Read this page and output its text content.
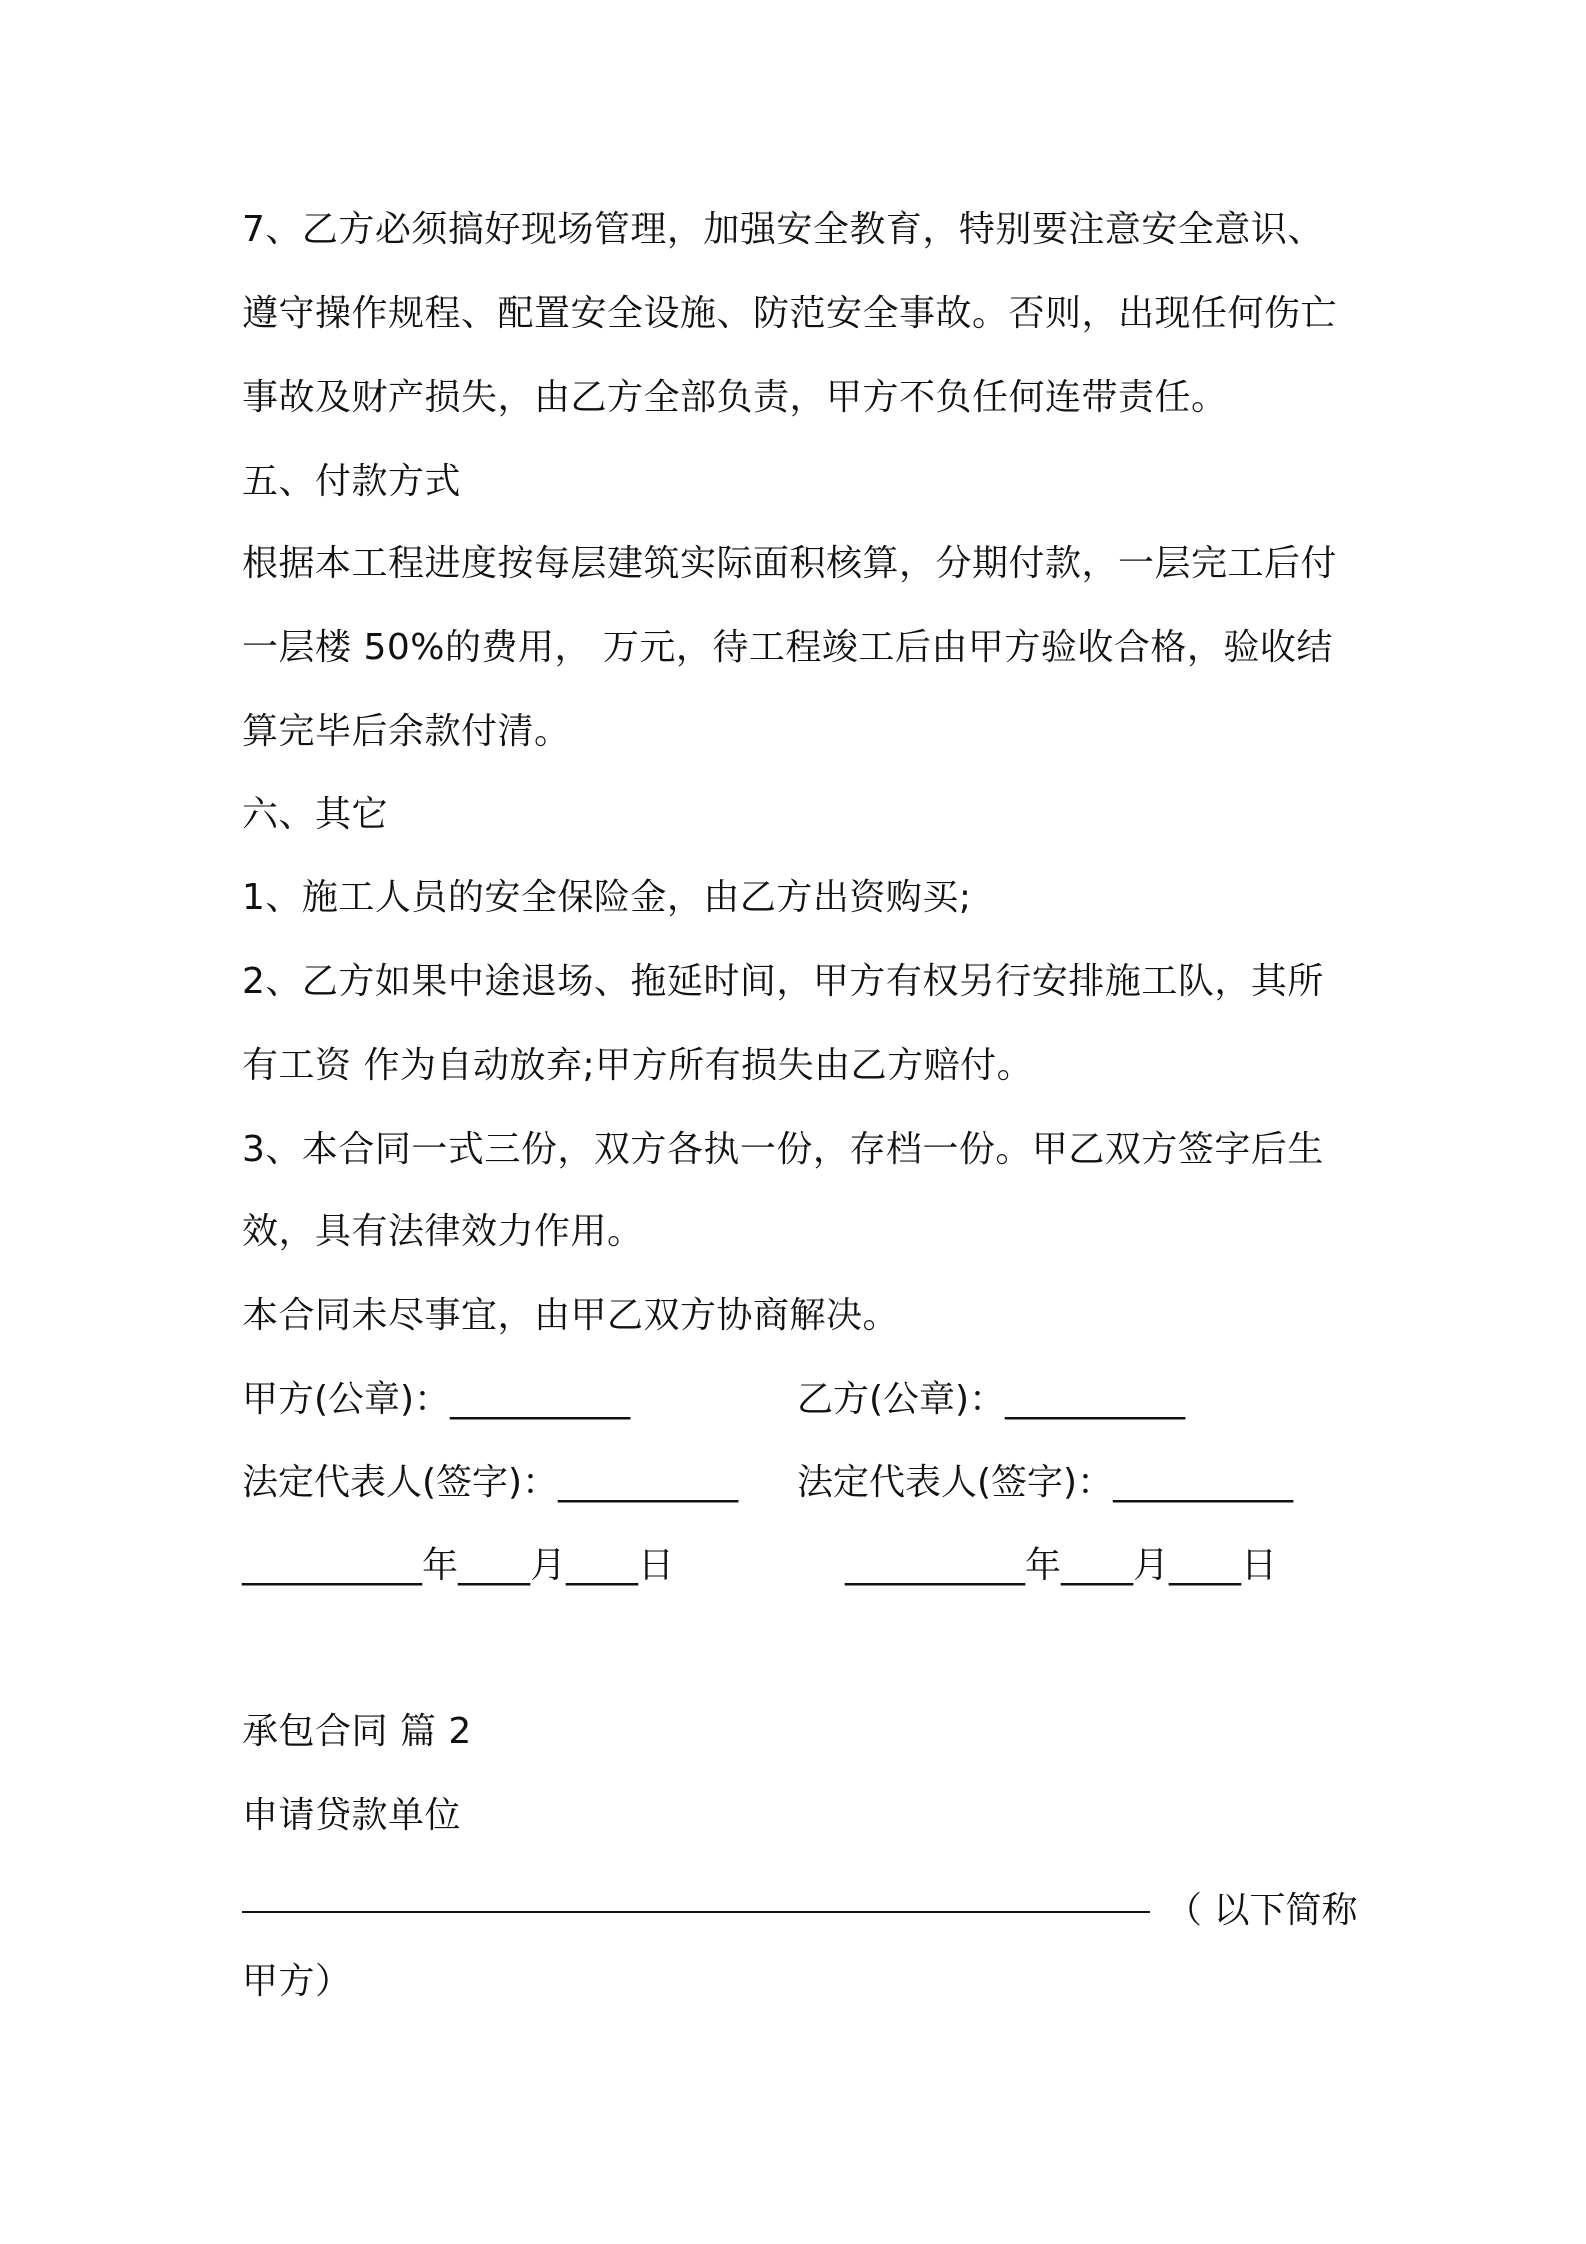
7、乙方必须搞好现场管理，加强安全教育，特别要注意安全意识、
遵守操作规程、配置安全设施、防范安全事故。否则，出现任何伤亡
事故及财产损失，由乙方全部负责，甲方不负任何连带责任。
五、付款方式
根据本工程进度按每层建筑实际面积核算，分期付款，一层完工后付
一层楼 50%的费用， 万元，待工程竣工后由甲方验收合格，验收结
算完毕后余款付清。
六、其它
1、施工人员的安全保险金，由乙方出资购买;
2、乙方如果中途退场、拖延时间，甲方有权另行安排施工队，其所
有工资 作为自动放弃;甲方所有损失由乙方赔付。
3、本合同一式三份，双方各执一份，存档一份。甲乙双方签字后生
效，具有法律效力作用。
本合同未尽事宜，由甲乙双方协商解决。
甲方(公章)：__________	乙方(公章)：__________
法定代表人(签字)：__________ 法定代表人(签字)：__________
__________年____月____日	__________年____月____日
承包合同 篇 2
申请贷款单位
（ 以下简称
甲方）
